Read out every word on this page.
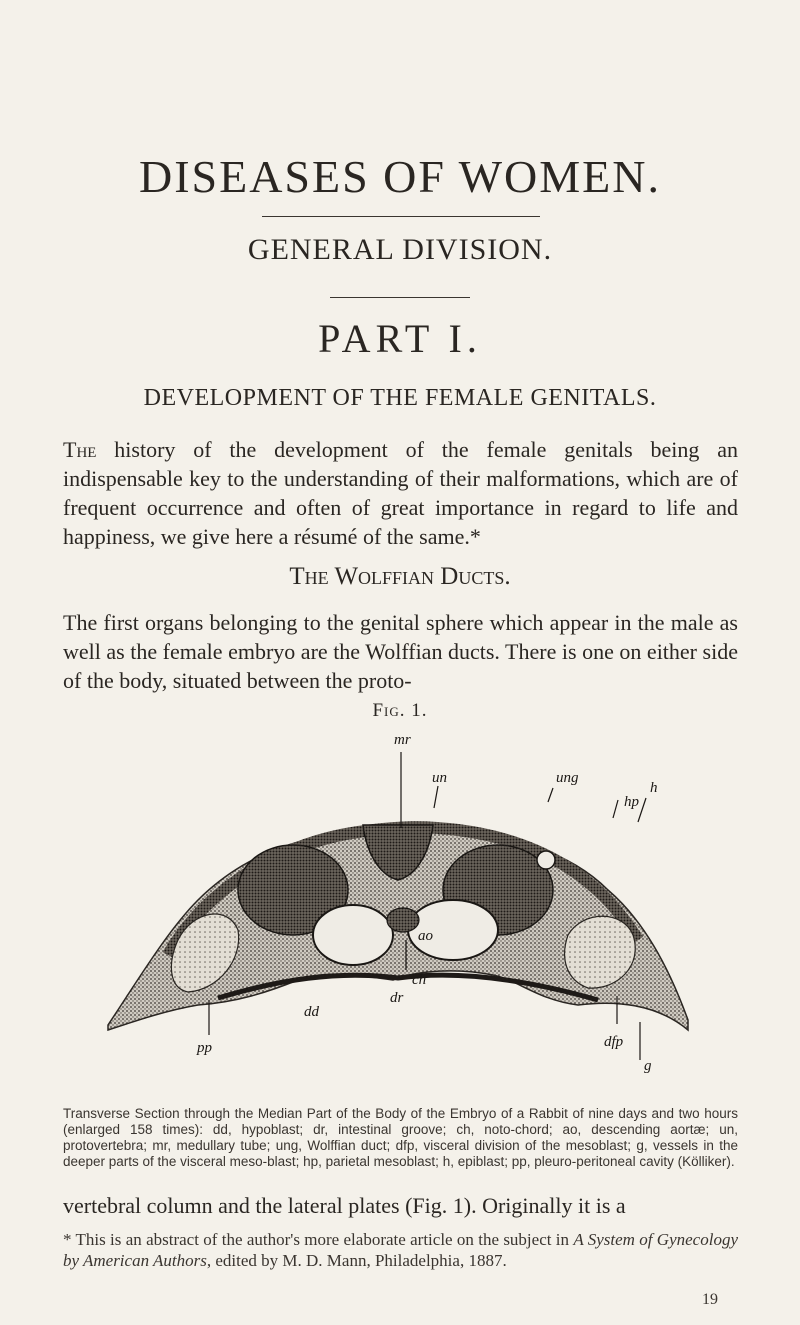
DISEASES OF WOMEN.
GENERAL DIVISION.
PART I.
DEVELOPMENT OF THE FEMALE GENITALS.
The history of the development of the female genitals being an indispensable key to the understanding of their malformations, which are of frequent occurrence and often of great importance in regard to life and happiness, we give here a résumé of the same.*
The Wolffian Ducts.
The first organs belonging to the genital sphere which appear in the male as well as the female embryo are the Wolffian ducts. There is one on either side of the body, situated between the proto-
Fig. 1.
mr
un	ung
hp
h
ao
ch
dr
dd
pp	dfp
g
Transverse Section through the Median Part of the Body of the Embryo of a Rabbit of nine days and two hours (enlarged 158 times): dd, hypoblast; dr, intestinal groove; ch, noto-chord; ao, descending aortæ; un, protovertebra; mr, medullary tube; ung, Wolffian duct; dfp, visceral division of the mesoblast; g, vessels in the deeper parts of the visceral meso-blast; hp, parietal mesoblast; h, epiblast; pp, pleuro-peritoneal cavity (Kölliker).
vertebral column and the lateral plates (Fig. 1). Originally it is a
* This is an abstract of the author's more elaborate article on the subject in A System of Gynecology by American Authors, edited by M. D. Mann, Philadelphia, 1887.
19
